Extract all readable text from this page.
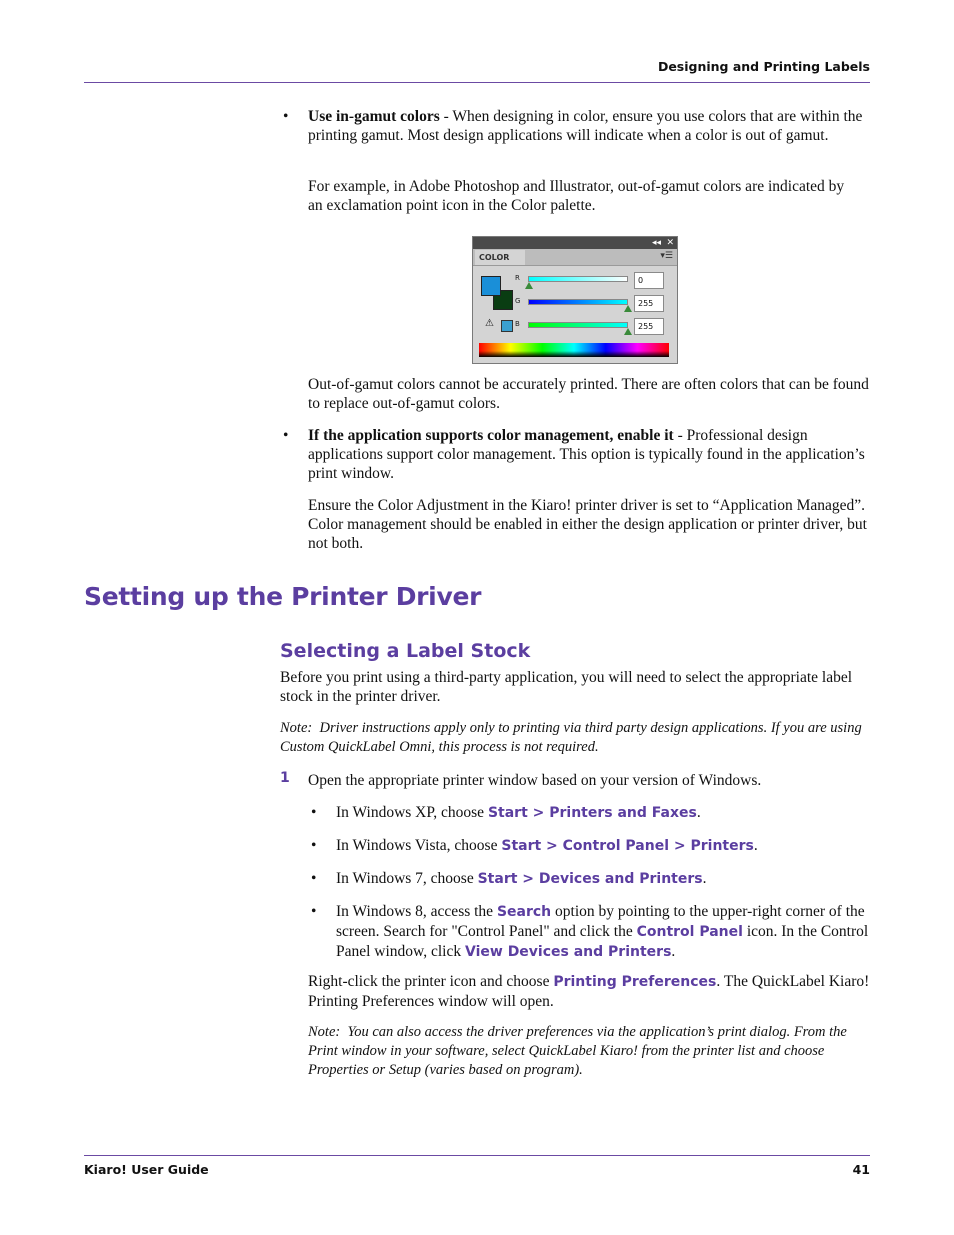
Designing and Printing Labels
• Use in-gamut colors - When designing in color, ensure you use colors that are within the printing gamut. Most design applications will indicate when a color is out of gamut.
For example, in Adobe Photoshop and Illustrator, out-of-gamut colors are indicated by an exclamation point icon in the Color palette.
◂◂ ✕
COLOR	▾☰
R	0
G	255
⚠	B	255
Out-of-gamut colors cannot be accurately printed. There are often colors that can be found to replace out-of-gamut colors.
• If the application supports color management, enable it - Professional design applications support color management. This option is typically found in the application’s print window.
Ensure the Color Adjustment in the Kiaro! printer driver is set to “Application Managed”. Color management should be enabled in either the design application or printer driver, but not both.
Setting up the Printer Driver
Selecting a Label Stock
Before you print using a third-party application, you will need to select the appropriate label stock in the printer driver.
Note: Driver instructions apply only to printing via third party design applications. If you are using Custom QuickLabel Omni, this process is not required.
1 Open the appropriate printer window based on your version of Windows.
• In Windows XP, choose Start > Printers and Faxes.
• In Windows Vista, choose Start > Control Panel > Printers.
• In Windows 7, choose Start > Devices and Printers.
• In Windows 8, access the Search option by pointing to the upper-right corner of the screen. Search for "Control Panel" and click the Control Panel icon. In the Control Panel window, click View Devices and Printers.
Right-click the printer icon and choose Printing Preferences. The QuickLabel Kiaro! Printing Preferences window will open.
Note: You can also access the driver preferences via the application’s print dialog. From the Print window in your software, select QuickLabel Kiaro! from the printer list and choose Properties or Setup (varies based on program).
Kiaro! User Guide	41
